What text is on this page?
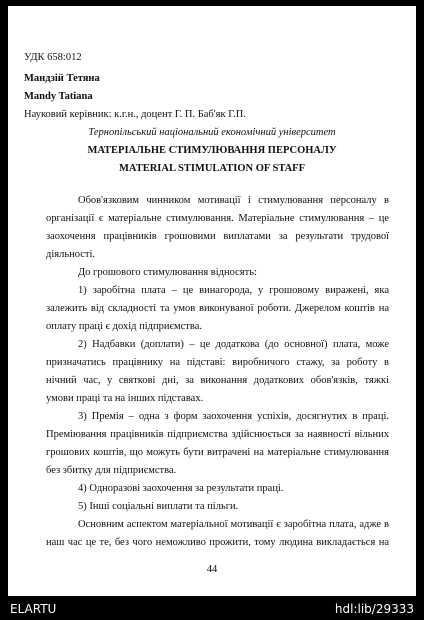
УДК 658:012
Мандзій Тетяна
Mandy Tatiana
Науковий керівник: к.г.н., доцент Г. П. Баб'як Г.П.
Тернопільський національний економічний університет
МАТЕРІАЛЬНЕ СТИМУЛЮВАННЯ ПЕРСОНАЛУ
MATERIAL STIMULATION OF STAFF
Обов'язковим чинником мотивації і стимулювання персоналу в
організації є матеріальне стимулювання. Матеріальне стимулювання – це
заохочення працівників грошовими виплатами за результати трудової
діяльності.
До грошового стимулювання відносять:
1) заробітна плата – це винагорода, у грошовому виражені, яка
залежить від складності та умов виконуваної роботи. Джерелом коштів на
оплату праці є дохід підприємства.
2) Надбавки (доплати) – це додаткова (до основної) плата, може
призначатись працівнику на підставі: виробничого стажу, за роботу в
нічний час, у святкові дні, за виконання додаткових обов'язків, тяжкі
умови праці та на інших підставах.
3) Премія – одна з форм заохочення успіхів, досягнутих в праці.
Преміювання працівників підприємства здійснюється за наявності вільних
грошових коштів, що можуть бути витрачені на матеріальне стимулювання
без збитку для підприємства.
4) Одноразові заохочення за результати праці.
5) Інші соціальні виплати та пільги.
Основним аспектом матеріальної мотивації є заробітна плата, адже в
наш час це те, без чого неможливо прожити, тому людина викладається на
44
ELARTU	hdl:lib/29333
